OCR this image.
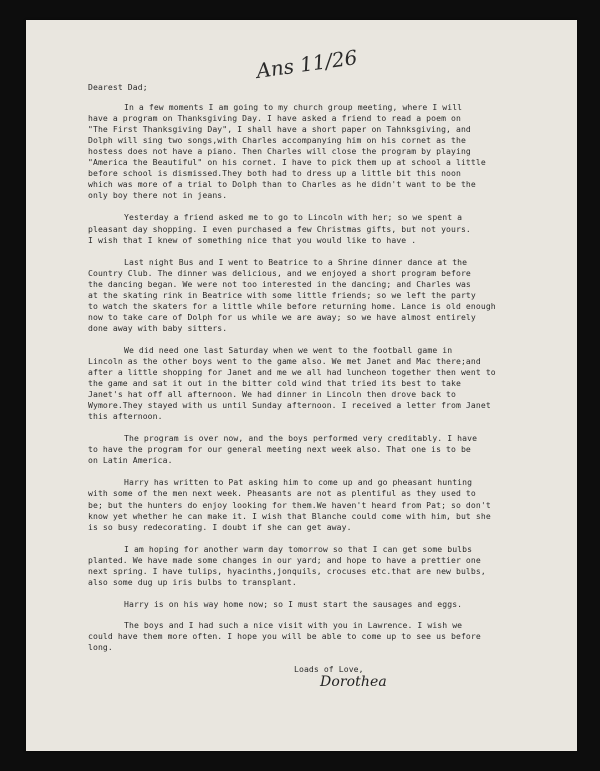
Ans 11/26
Dearest Dad;
In a few moments I am going to my church group meeting, where I will
have a program on Thanksgiving Day. I have asked a friend to read a poem on
"The First Thanksgiving Day", I shall have a short paper on Tahnksgiving, and
Dolph will sing two songs,with Charles accompanying him on his cornet as the
hostess does not have a piano. Then Charles will close the program by playing
"America the Beautiful" on his cornet. I have to pick them up at school a little
before school is dismissed.They both had to dress up a little bit this noon
which was more of a trial to Dolph than to Charles as he didn't want to be the
only boy there not in jeans.
Yesterday a friend asked me to go to Lincoln with her; so we spent a
pleasant day shopping. I even purchased a few Christmas gifts, but not yours.
I wish that I knew of something nice that you would like to have .
Last night Bus and I went to Beatrice to a Shrine dinner dance at the
Country Club. The dinner was delicious, and we enjoyed a short program before
the dancing began. We were not too interested in the dancing; and Charles was
at the skating rink in Beatrice with some little friends; so we left the party
to watch the skaters for a little while before returning home. Lance is old enough
now to take care of Dolph for us while we are away; so we have almost entirely
done away with baby sitters.
We did need one last Saturday when we went to the football game in
Lincoln as the other boys went to the game also. We met Janet and Mac there;and
after a little shopping for Janet and me we all had luncheon together then went to
the game and sat it out in the bitter cold wind that tried its best to take
Janet's hat off all afternoon. We had dinner in Lincoln then drove back to
Wymore.They stayed with us until Sunday afternoon. I received a letter from Janet
this afternoon.
The program is over now, and the boys performed very creditably. I have
to have the program for our general meeting next week also. That one is to be
on Latin America.
Harry has written to Pat asking him to come up and go pheasant hunting
with some of the men next week. Pheasants are not as plentiful as they used to
be; but the hunters do enjoy looking for them.We haven't heard from Pat; so don't
know yet whether he can make it. I wish that Blanche could come with him, but she
is so busy redecorating. I doubt if she can get away.
I am hoping for another warm day tomorrow so that I can get some bulbs
planted. We have made some changes in our yard; and hope to have a prettier one
next spring. I have tulips, hyacinths,jonquils, crocuses etc.that are new bulbs,
also some dug up iris bulbs to transplant.
Harry is on his way home now; so I must start the sausages and eggs.
The boys and I had such a nice visit with you in Lawrence. I wish we
could have them more often. I hope you will be able to come up to see us before
long.
Loads of Love,
Dorothea
